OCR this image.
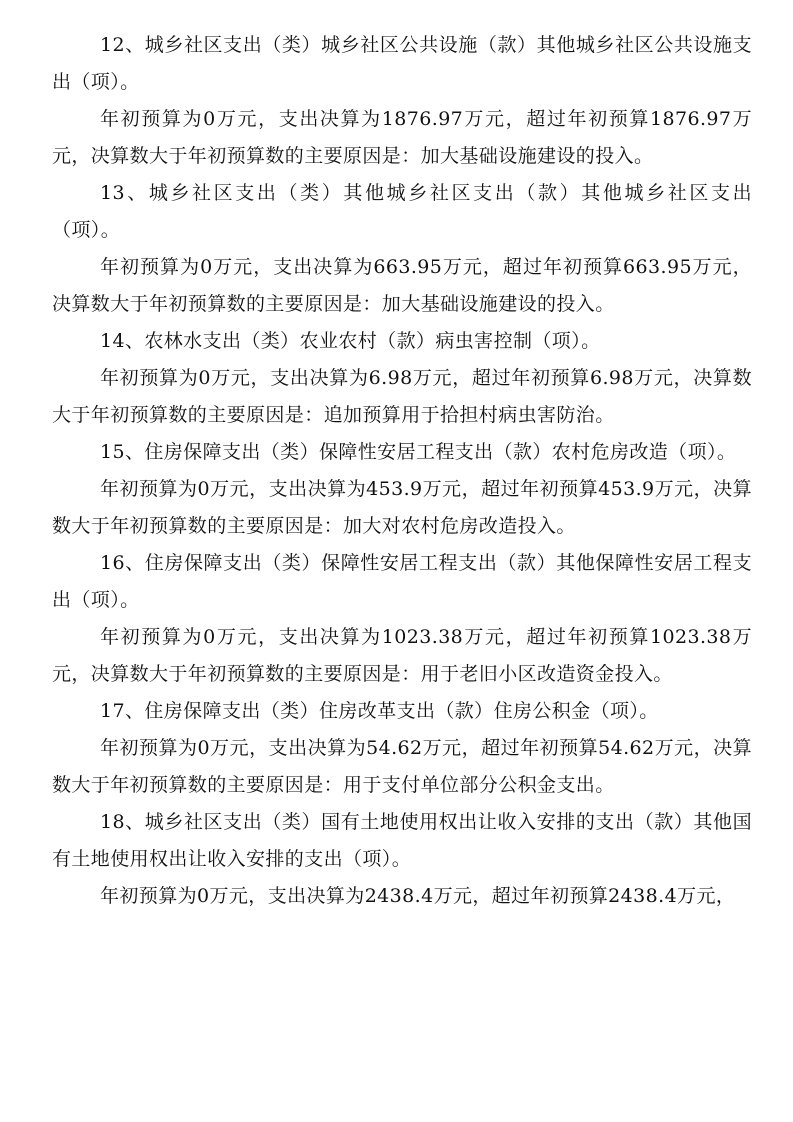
12、城乡社区支出（类）城乡社区公共设施（款）其他城乡社区公共设施支出（项）。

年初预算为0万元，支出决算为1876.97万元，超过年初预算1876.97万元，决算数大于年初预算数的主要原因是：加大基础设施建设的投入。

13、城乡社区支出（类）其他城乡社区支出（款）其他城乡社区支出（项）。

年初预算为0万元，支出决算为663.95万元，超过年初预算663.95万元，决算数大于年初预算数的主要原因是：加大基础设施建设的投入。

14、农林水支出（类）农业农村（款）病虫害控制（项）。

年初预算为0万元，支出决算为6.98万元，超过年初预算6.98万元，决算数大于年初预算数的主要原因是：追加预算用于拾担村病虫害防治。

15、住房保障支出（类）保障性安居工程支出（款）农村危房改造（项）。

年初预算为0万元，支出决算为453.9万元，超过年初预算453.9万元，决算数大于年初预算数的主要原因是：加大对农村危房改造投入。

16、住房保障支出（类）保障性安居工程支出（款）其他保障性安居工程支出（项）。

年初预算为0万元，支出决算为1023.38万元，超过年初预算1023.38万元，决算数大于年初预算数的主要原因是：用于老旧小区改造资金投入。

17、住房保障支出（类）住房改革支出（款）住房公积金（项）。

年初预算为0万元，支出决算为54.62万元，超过年初预算54.62万元，决算数大于年初预算数的主要原因是：用于支付单位部分公积金支出。

18、城乡社区支出（类）国有土地使用权出让收入安排的支出（款）其他国有土地使用权出让收入安排的支出（项）。

年初预算为0万元，支出决算为2438.4万元，超过年初预算2438.4万元，
